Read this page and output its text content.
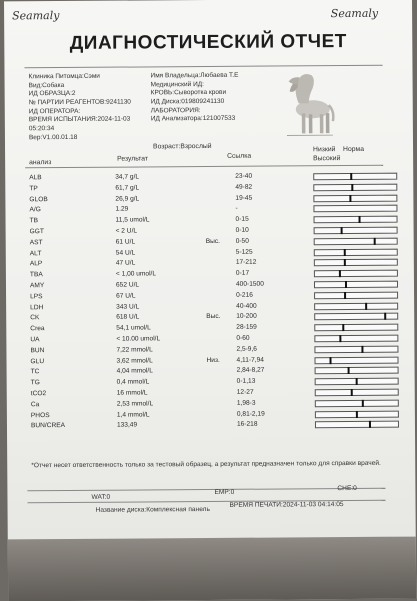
Seamaly	Seamaly
ДИАГНОСТИЧЕСКИЙ ОТЧЕТ
Клиника Питомца:Сэми
Вид:Собака
ИД ОБРАЗЦА:2
№ ПАРТИИ РЕАГЕНТОВ:9241130
ИД ОПЕРАТОРА:
ВРЕМЯ ИСПЫТАНИЯ:2024-11-03
05:20:34
Вер:V1.00.01.18
Имя Владельца:Любаева Т.Е
Медицинский ИД:
КРОВЬ:Сыворотка крови
ИД Диска:019809241130
ЛАБОРАТОРИЯ:
ИД Анализатора:121007533
Возраст:Взрослый	Низкий Норма
Результат	Ссылка	Высокий
анализ
ALB	34,7 g/L	23-40
TP	61,7 g/L	49-82
GLOB	26,9 g/L	19-45
A/G	1.29	-
TB	11,5 umol/L	0-15
GGT	< 2 U/L	0-10
AST	61 U/L	Выс. 0-50
ALT	54 U/L	5-125
ALP	47 U/L	17-212
TBA	< 1,00 umol/L	0-17
AMY	652 U/L	400-1500
LPS	67 U/L	0-216
LDH	343 U/L	40-400
CK	618 U/L	Выс. 10-200
Crea	54,1 umol/L	28-159
UA	< 10.00 umol/L	0-60
BUN	7,22 mmol/L	2,5-9,6
GLU	3,62 mmol/L	Низ.	4,11-7,94
TC	4,04 mmol/L	2,84-8,27
TG	0,4 mmol/L	0-1,13
tCO2	16 mmol/L	12-27
Ca	2,53 mmol/L	1,98-3
PHOS	1,4 mmol/L	0,81-2,19
BUN/CREA	133,49	16-218
*Отчет несет ответственность только за тестовый образец, а результат предназначен только для справки врачей.
WAT:0
EMP:0
CHE:0
Название диска:Комплексная панель
ВРЕМЯ ПЕЧАТИ:2024-11-03 04:14:05
